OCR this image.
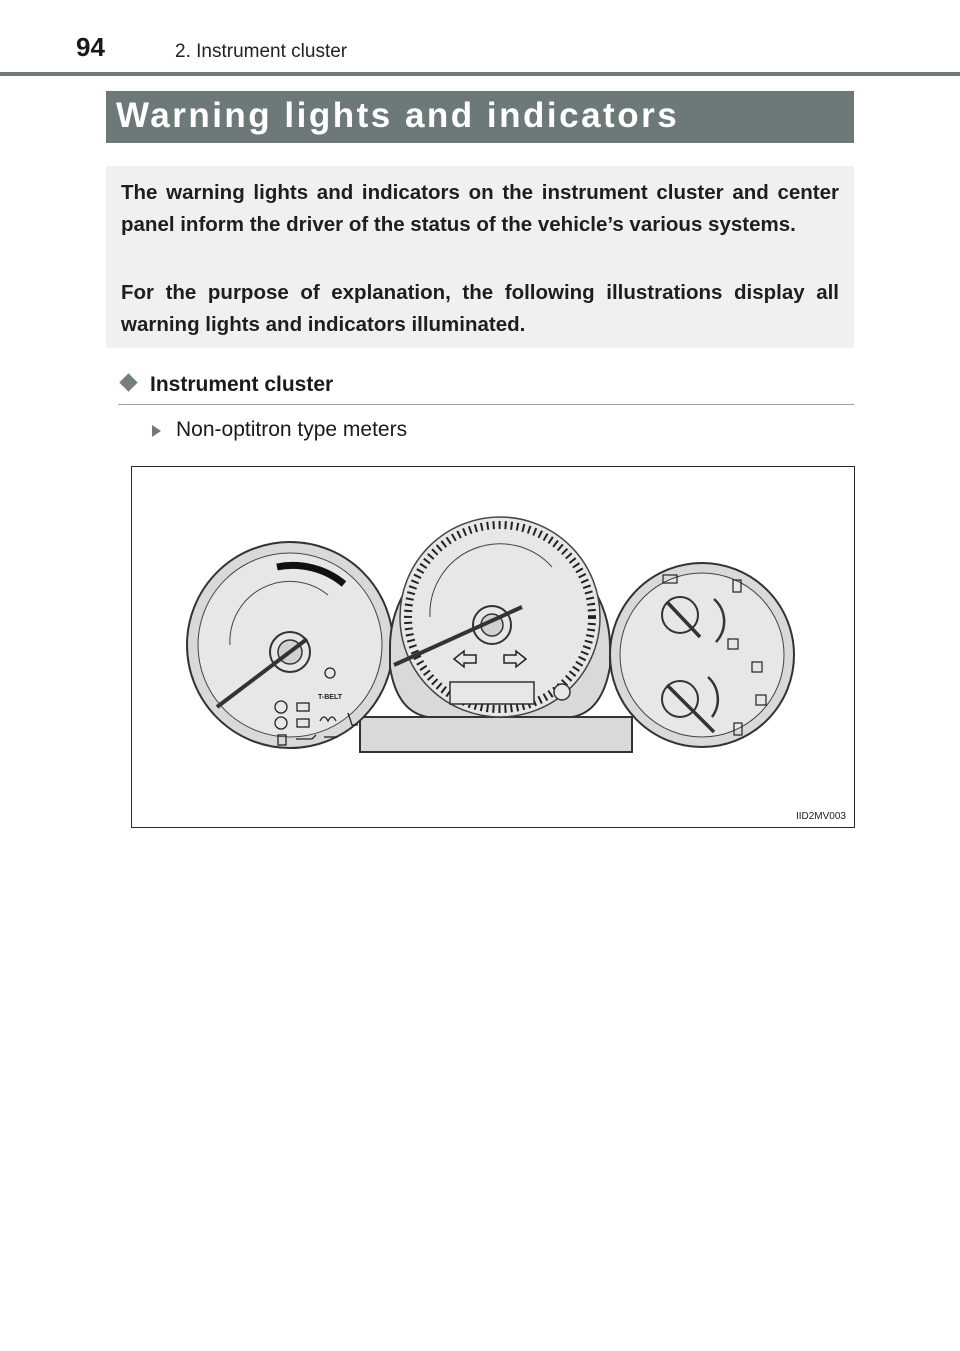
94	2. Instrument cluster
Warning lights and indicators

The warning lights and indicators on the instrument cluster and center panel inform the driver of the status of the vehicle’s various systems.

For the purpose of explanation, the following illustrations display all warning lights and indicators illuminated.

Instrument cluster
Non-optitron type meters
T-BELT
IID2MV003
